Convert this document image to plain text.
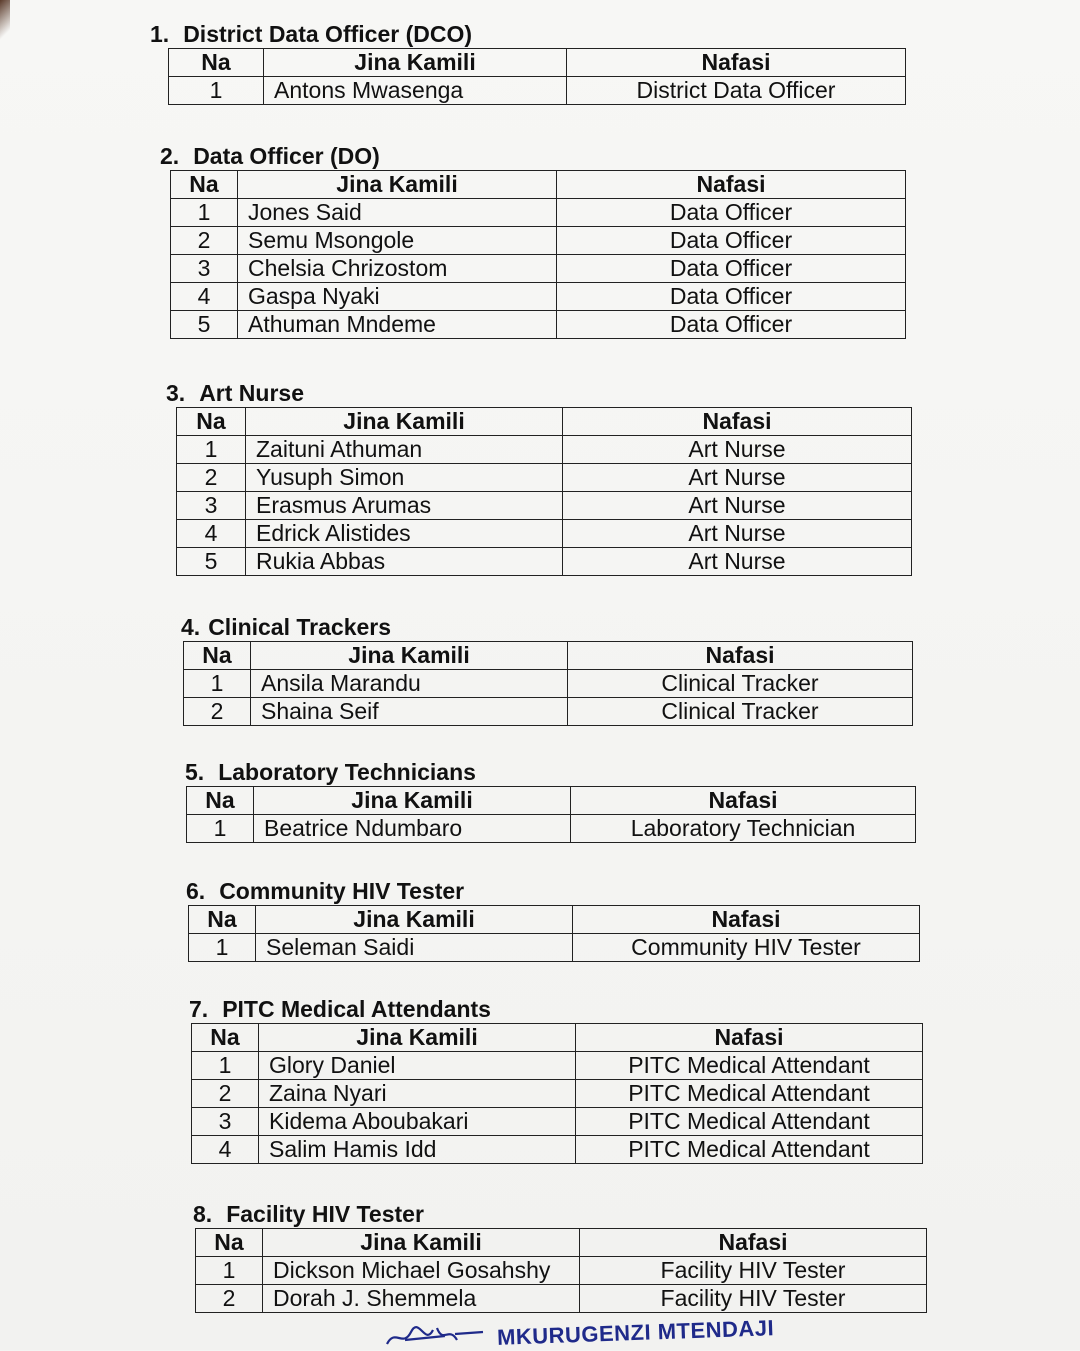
1. District Data Officer (DCO)
Na	Jina Kamili	Nafasi
1	Antons Mwasenga	District Data Officer
2. Data Officer (DO)
Na	Jina Kamili	Nafasi
1	Jones Said	Data Officer
2	Semu Msongole	Data Officer
3	Chelsia Chrizostom	Data Officer
4	Gaspa Nyaki	Data Officer
5	Athuman Mndeme	Data Officer
3. Art Nurse
Na	Jina Kamili	Nafasi
1	Zaituni Athuman	Art Nurse
2	Yusuph Simon	Art Nurse
3	Erasmus Arumas	Art Nurse
4	Edrick Alistides	Art Nurse
5	Rukia Abbas	Art Nurse
4. Clinical Trackers
Na	Jina Kamili	Nafasi
1	Ansila Marandu	Clinical Tracker
2	Shaina Seif	Clinical Tracker
5. Laboratory Technicians
Na	Jina Kamili	Nafasi
1	Beatrice Ndumbaro	Laboratory Technician
6. Community HIV Tester
Na	Jina Kamili	Nafasi
1	Seleman Saidi	Community HIV Tester
7. PITC Medical Attendants
Na	Jina Kamili	Nafasi
1	Glory Daniel	PITC Medical Attendant
2	Zaina Nyari	PITC Medical Attendant
3	Kidema Aboubakari	PITC Medical Attendant
4	Salim Hamis Idd	PITC Medical Attendant
8. Facility HIV Tester
Na	Jina Kamili	Nafasi
1	Dickson Michael Gosahshy	Facility HIV Tester
2	Dorah J. Shemmela	Facility HIV Tester
MKURUGENZI MTENDAJI
